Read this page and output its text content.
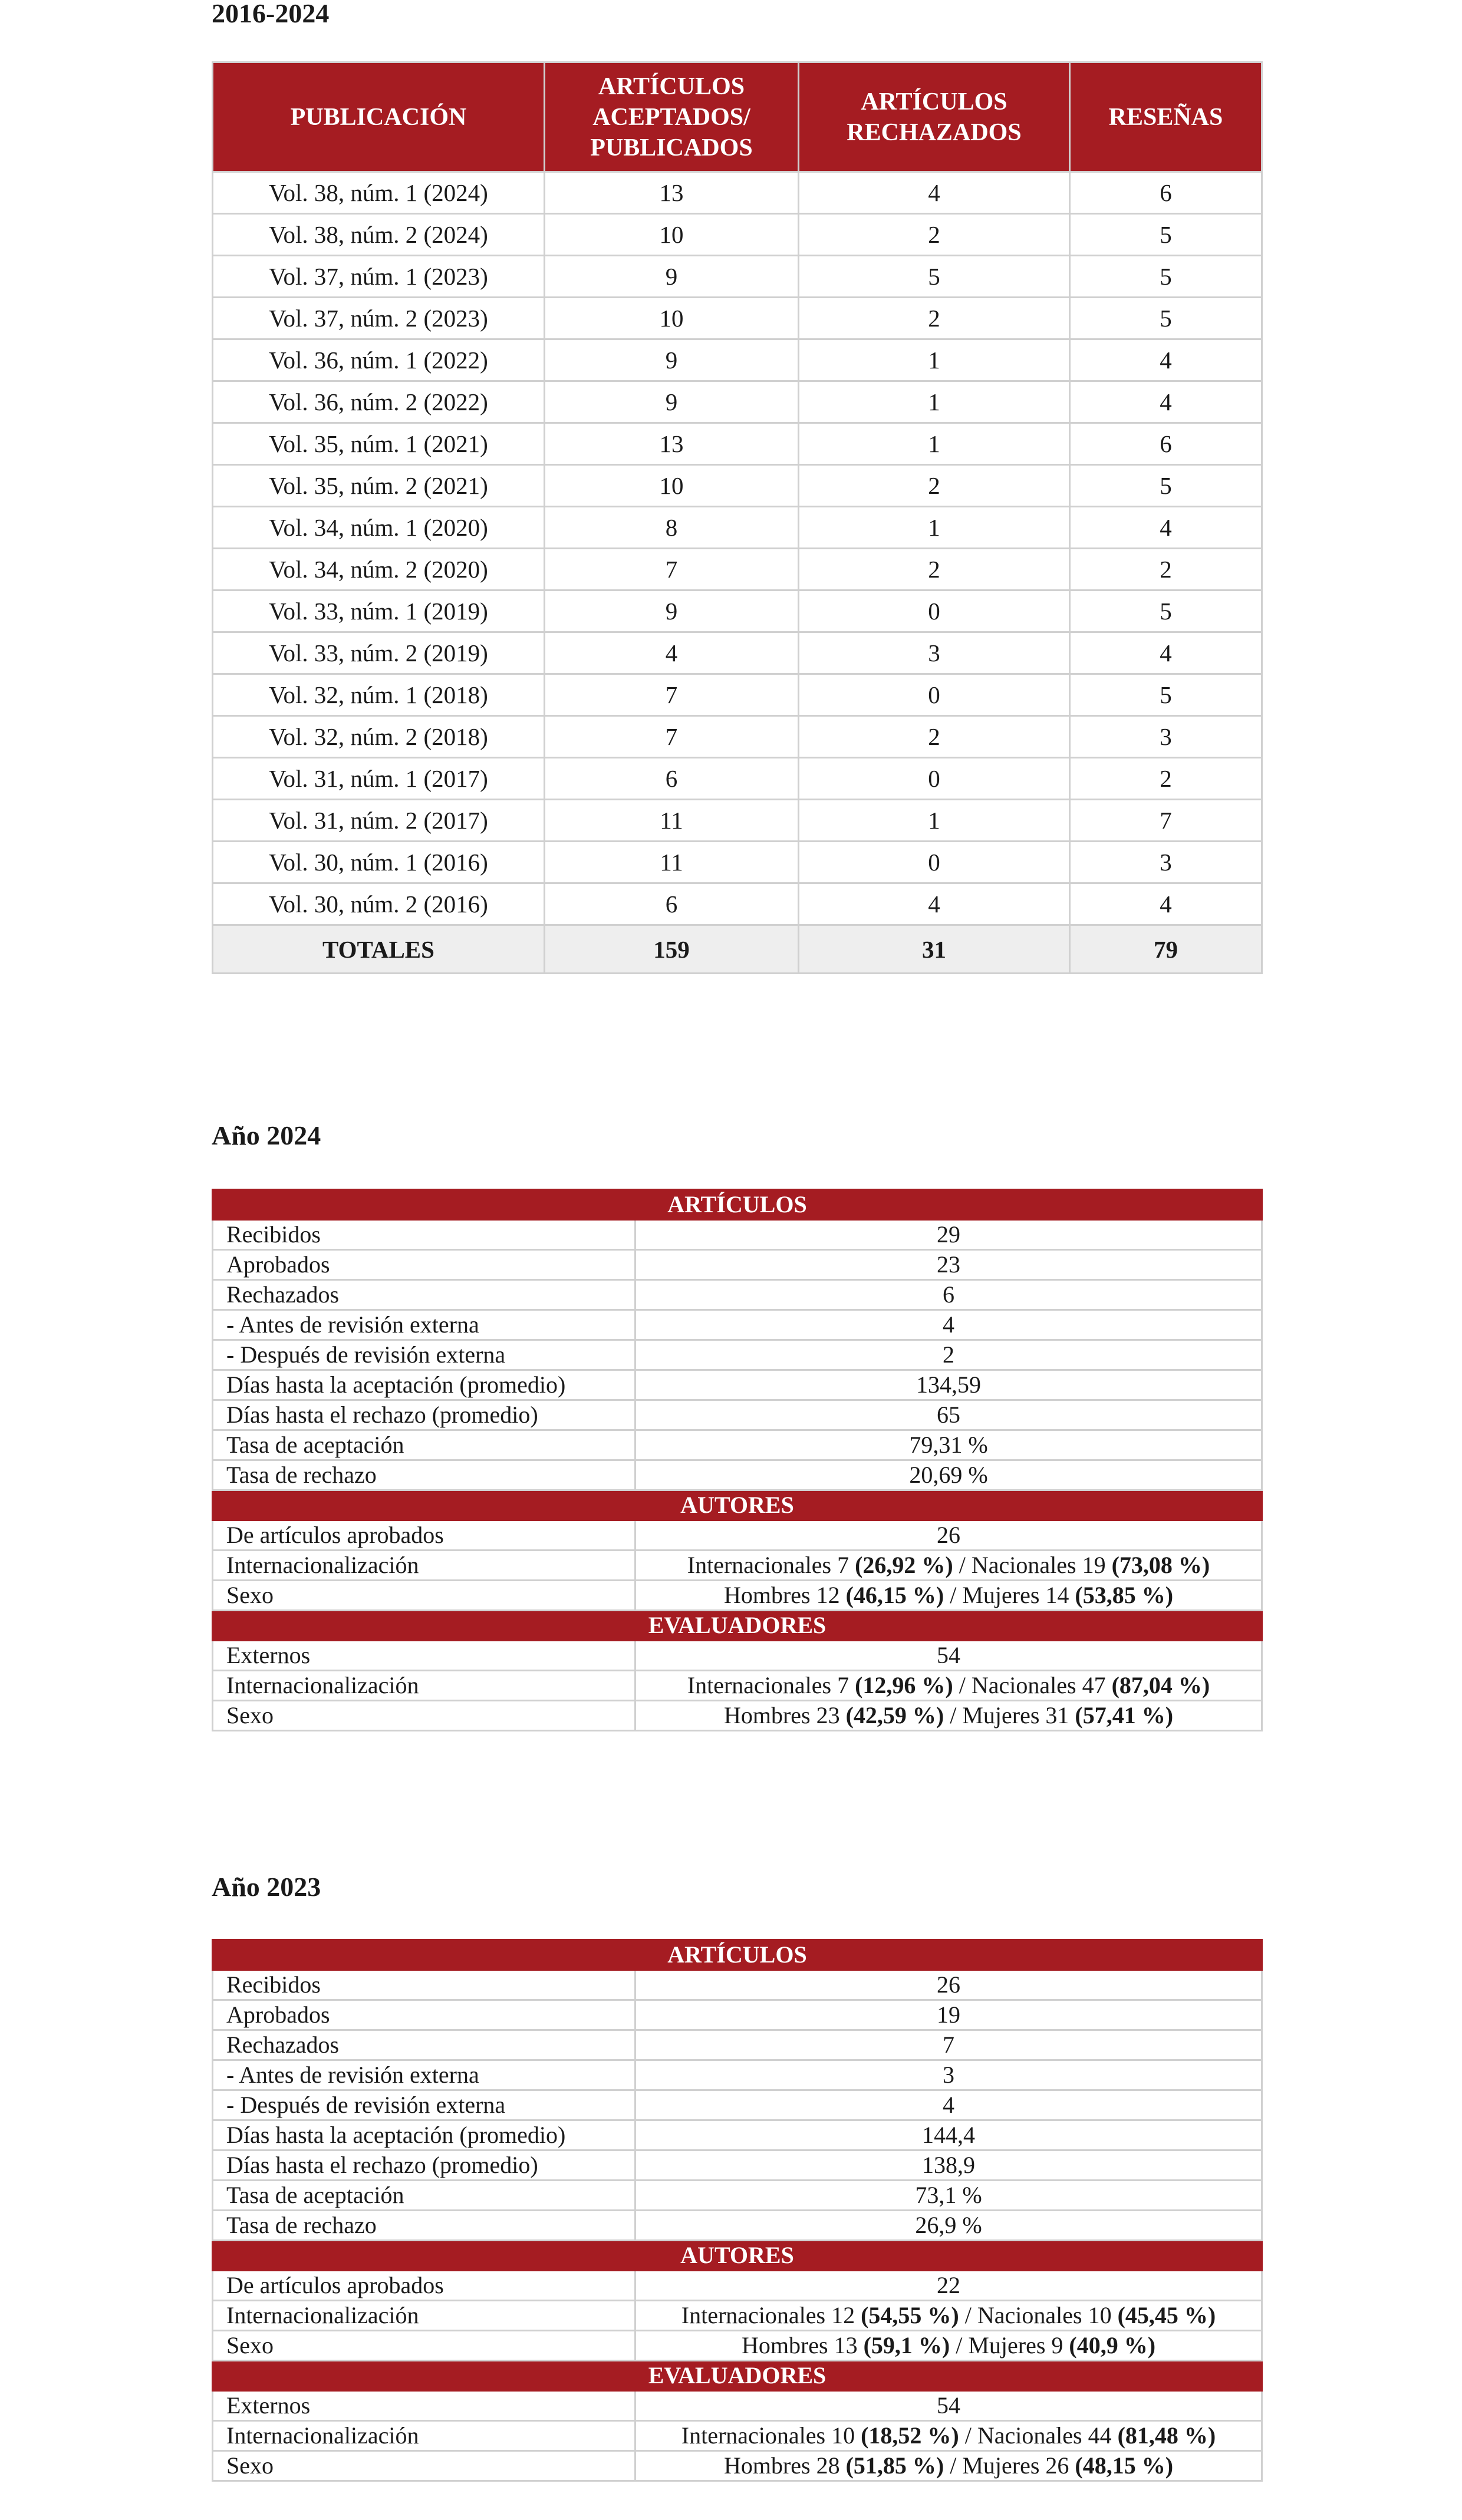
2016-2024
PUBLICACIÓN	ARTÍCULOS ACEPTADOS/ PUBLICADOS	ARTÍCULOS RECHAZADOS	RESEÑAS
Vol. 38, núm. 1 (2024)	13	4	6
Vol. 38, núm. 2 (2024)	10	2	5
Vol. 37, núm. 1 (2023)	9	5	5
Vol. 37, núm. 2 (2023)	10	2	5
Vol. 36, núm. 1 (2022)	9	1	4
Vol. 36, núm. 2 (2022)	9	1	4
Vol. 35, núm. 1 (2021)	13	1	6
Vol. 35, núm. 2 (2021)	10	2	5
Vol. 34, núm. 1 (2020)	8	1	4
Vol. 34, núm. 2 (2020)	7	2	2
Vol. 33, núm. 1 (2019)	9	0	5
Vol. 33, núm. 2 (2019)	4	3	4
Vol. 32, núm. 1 (2018)	7	0	5
Vol. 32, núm. 2 (2018)	7	2	3
Vol. 31, núm. 1 (2017)	6	0	2
Vol. 31, núm. 2 (2017)	11	1	7
Vol. 30, núm. 1 (2016)	11	0	3
Vol. 30, núm. 2 (2016)	6	4	4
TOTALES	159	31	79
Año 2024
ARTÍCULOS	
Recibidos	29
Aprobados	23
Rechazados	6
- Antes de revisión externa	4
- Después de revisión externa	2
Días hasta la aceptación (promedio)	134,59
Días hasta el rechazo (promedio)	65
Tasa de aceptación	79,31 %
Tasa de rechazo	20,69 %
AUTORES	
De artículos aprobados	26
Internacionalización	Internacionales 7 (26,92 %) / Nacionales 19 (73,08 %)
Sexo	Hombres 12 (46,15 %) / Mujeres 14 (53,85 %)
EVALUADORES	
Externos	54
Internacionalización	Internacionales 7 (12,96 %) / Nacionales 47 (87,04 %)
Sexo	Hombres 23 (42,59 %) / Mujeres 31 (57,41 %)
Año 2023
ARTÍCULOS	
Recibidos	26
Aprobados	19
Rechazados	7
- Antes de revisión externa	3
- Después de revisión externa	4
Días hasta la aceptación (promedio)	144,4
Días hasta el rechazo (promedio)	138,9
Tasa de aceptación	73,1 %
Tasa de rechazo	26,9 %
AUTORES	
De artículos aprobados	22
Internacionalización	Internacionales 12 (54,55 %) / Nacionales 10 (45,45 %)
Sexo	Hombres 13 (59,1 %) / Mujeres 9 (40,9 %)
EVALUADORES	
Externos	54
Internacionalización	Internacionales 10 (18,52 %) / Nacionales 44 (81,48 %)
Sexo	Hombres 28 (51,85 %) / Mujeres 26 (48,15 %)
